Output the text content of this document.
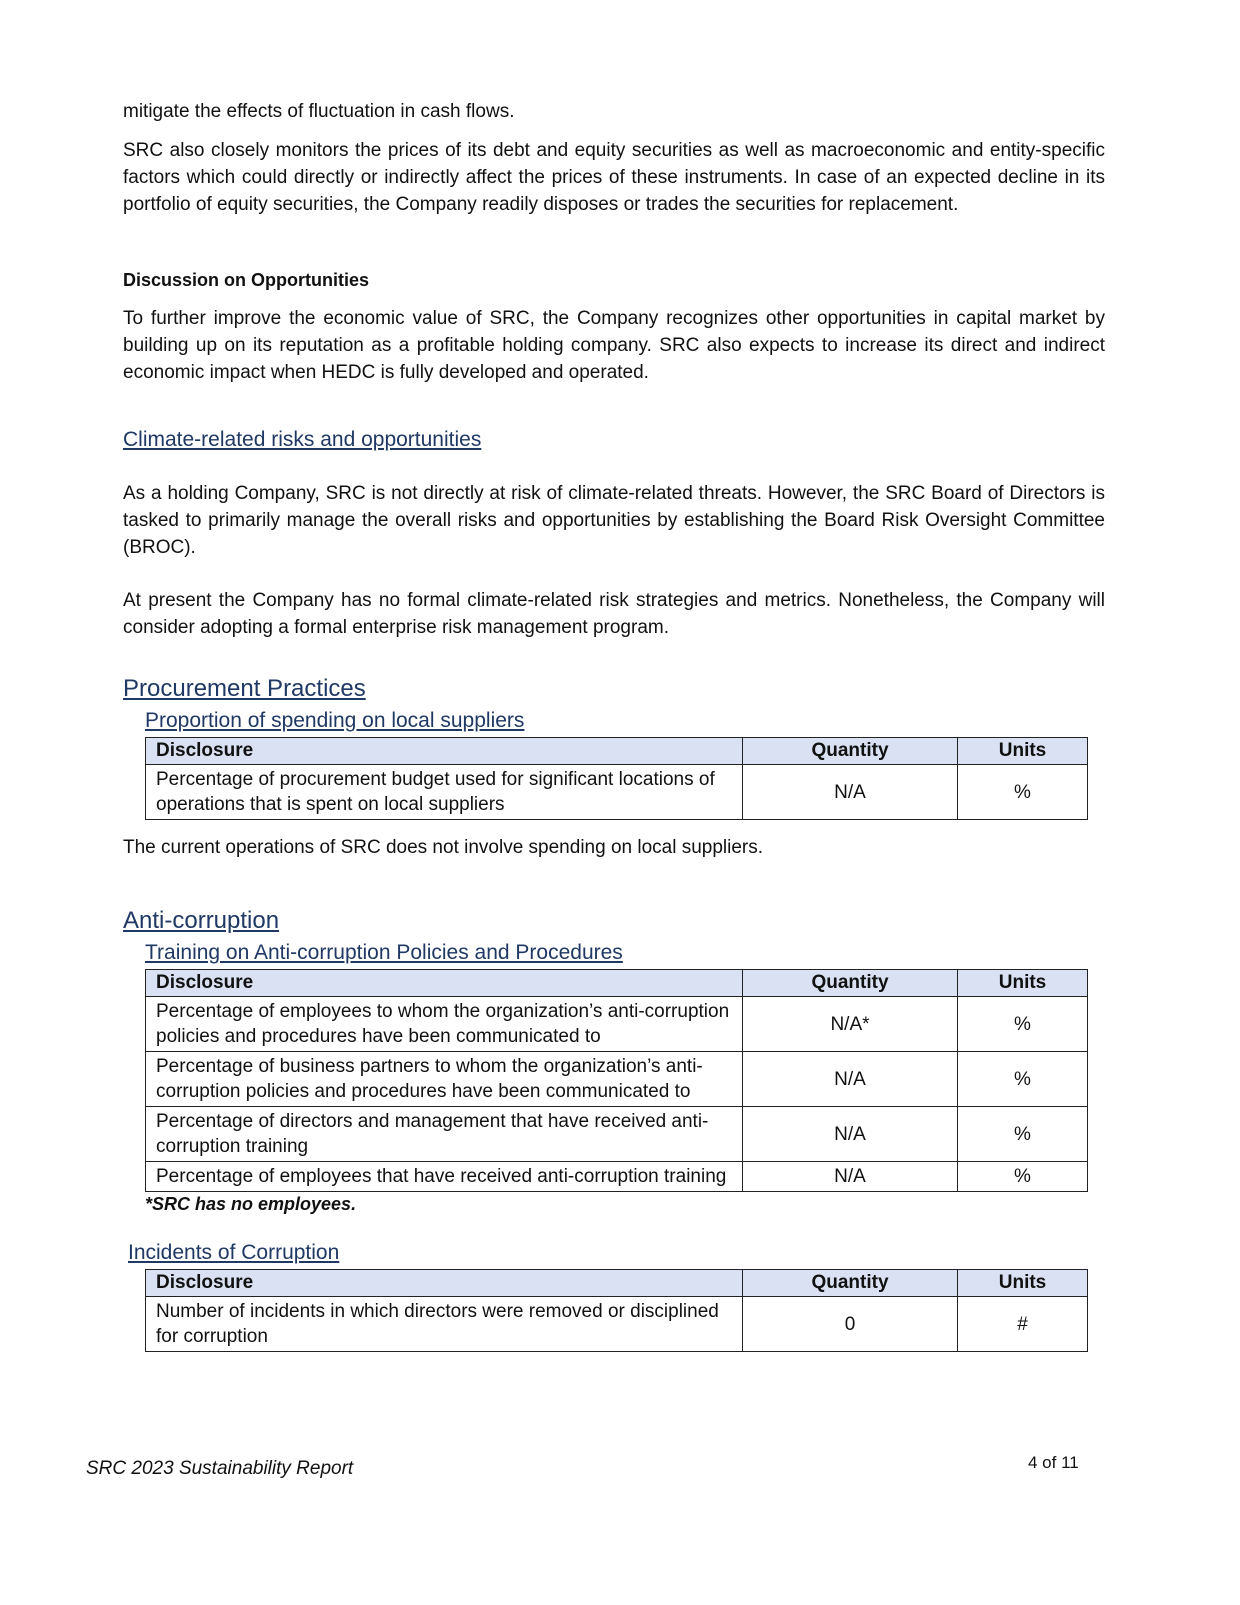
mitigate the effects of fluctuation in cash flows.

SRC also closely monitors the prices of its debt and equity securities as well as macroeconomic and entity-specific factors which could directly or indirectly affect the prices of these instruments. In case of an expected decline in its portfolio of equity securities, the Company readily disposes or trades the securities for replacement.

Discussion on Opportunities

To further improve the economic value of SRC, the Company recognizes other opportunities in capital market by building up on its reputation as a profitable holding company. SRC also expects to increase its direct and indirect economic impact when HEDC is fully developed and operated.

Climate-related risks and opportunities

As a holding Company, SRC is not directly at risk of climate-related threats. However, the SRC Board of Directors is tasked to primarily manage the overall risks and opportunities by establishing the Board Risk Oversight Committee (BROC).

At present the Company has no formal climate-related risk strategies and metrics. Nonetheless, the Company will consider adopting a formal enterprise risk management program.

Procurement Practices
Proportion of spending on local suppliers
Disclosure	Quantity	Units
Percentage of procurement budget used for significant locations of operations that is spent on local suppliers	N/A	%

The current operations of SRC does not involve spending on local suppliers.

Anti-corruption
Training on Anti-corruption Policies and Procedures
Disclosure	Quantity	Units
Percentage of employees to whom the organization’s anti-corruption policies and procedures have been communicated to	N/A*	%
Percentage of business partners to whom the organization’s anti-corruption policies and procedures have been communicated to	N/A	%
Percentage of directors and management that have received anti-corruption training	N/A	%
Percentage of employees that have received anti-corruption training	N/A	%
*SRC has no employees.
Incidents of Corruption
Disclosure	Quantity	Units
Number of incidents in which directors were removed or disciplined for corruption	0	#
SRC 2023 Sustainability Report	4 of 11
